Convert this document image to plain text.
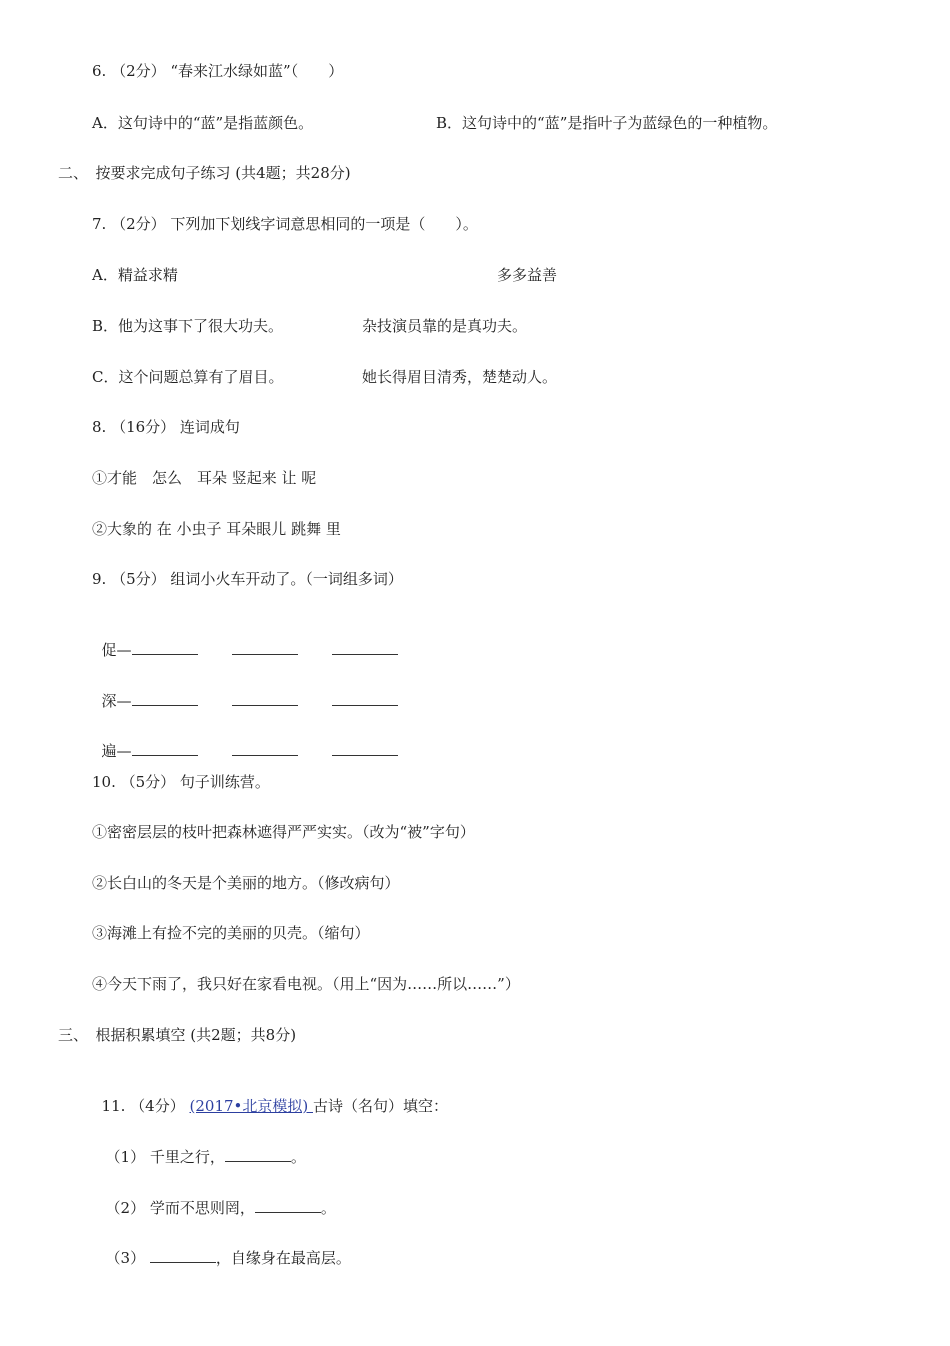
6. （2分） “春来江水绿如蓝”（　　）
A．这句诗中的“蓝”是指蓝颜色。	B．这句诗中的“蓝”是指叶子为蓝绿色的一种植物。
二、　按要求完成句子练习 (共4题；共28分)
7. （2分） 下列加下划线字词意思相同的一项是（　　）。
A．精益求精	多多益善
B．他为这事下了很大功夫。	杂技演员靠的是真功夫。
C．这个问题总算有了眉目。	她长得眉目清秀，楚楚动人。
8. （16分） 连词成句
①才能　怎么　耳朵 竖起来 让 呢
②大象的 在 小虫子 耳朵眼儿 跳舞 里
9. （5分） 组词小火车开动了。（一词组多词）

促—

深—

遍—

10. （5分） 句子训练营。
①密密层层的枝叶把森林遮得严严实实。（改为“被”字句）
②长白山的冬天是个美丽的地方。（修改病句）
③海滩上有捡不完的美丽的贝壳。（缩句）
④今天下雨了，我只好在家看电视。（用上“因为……所以……”）
三、　根据积累填空 (共2题；共8分)

11. （4分） (2017•北京模拟) 古诗（名句）填空：

（1） 千里之行，	。

（2） 学而不思则罔，	。

（3）	，自缘身在最高层。
